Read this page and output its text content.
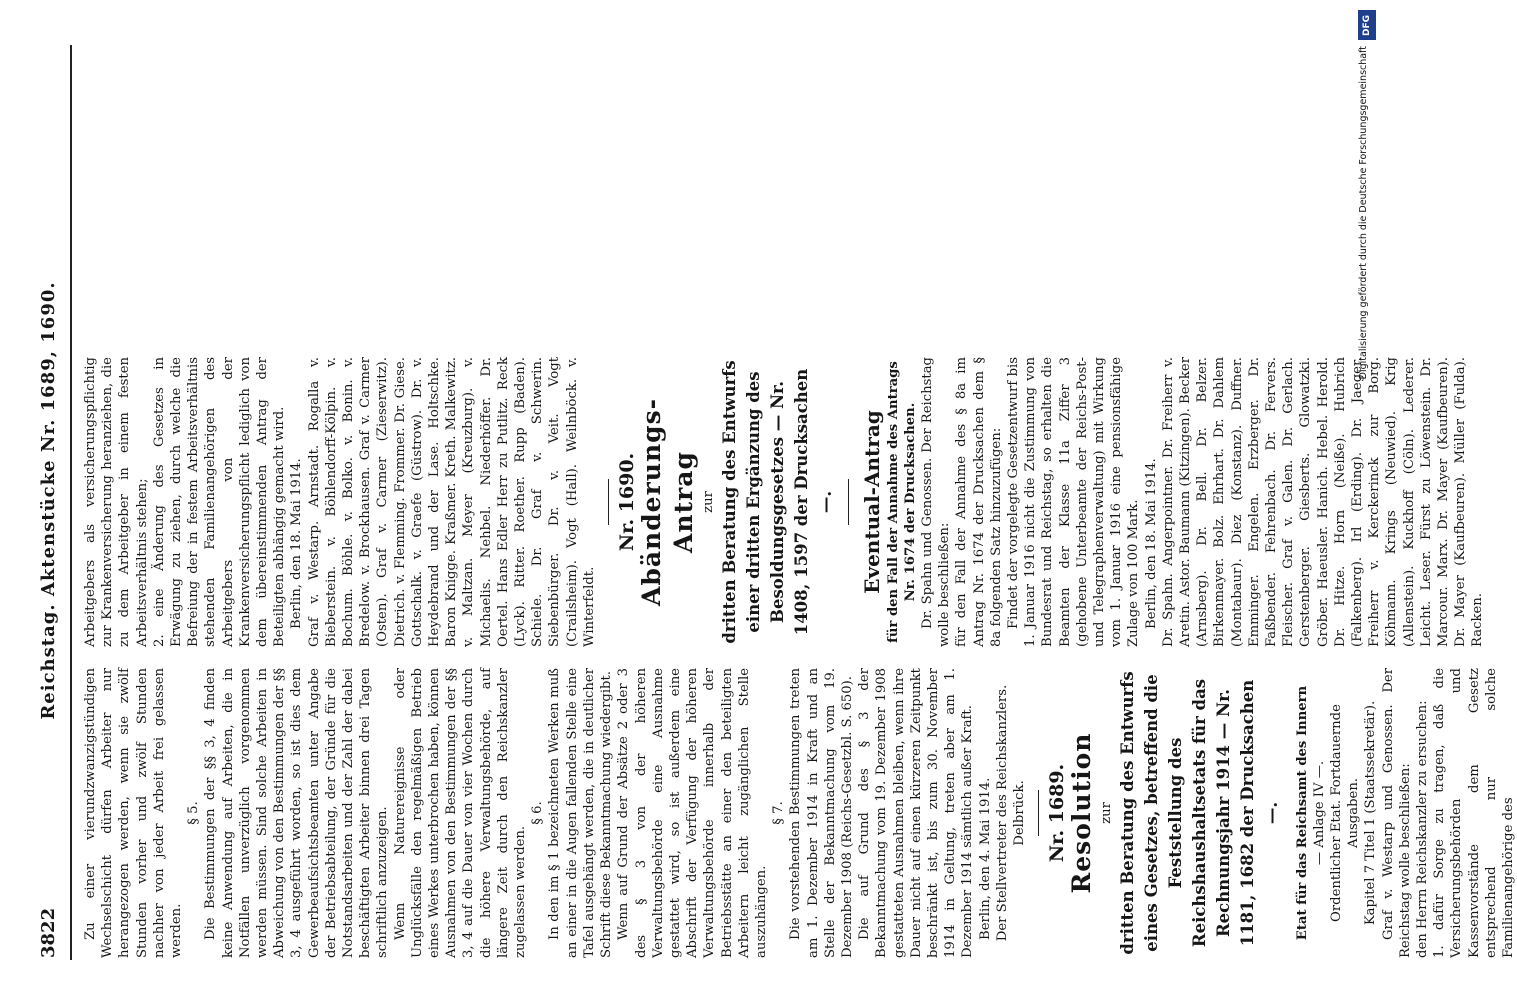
3822
Reichstag. Aktenstücke Nr. 1689, 1690.

Zu einer vierundzwanzigstündigen Wechselschicht dürfen Arbeiter nur herangezogen werden, wenn sie zwölf Stunden vorher und zwölf Stunden nachher von jeder Arbeit frei gelassen werden.

§ 5. Die Bestimmungen der §§ 3, 4 finden keine Anwendung auf Arbeiten, die in Notfällen unverzüglich vorgenommen werden müssen. Sind solche Arbeiten in Abweichung von den Bestimmungen der §§ 3, 4 ausgeführt worden, so ist dies dem Gewerbeaufsichtsbeamten unter Angabe der Betriebsabteilung, der Gründe für die Notstandsarbeiten und der Zahl der dabei beschäftigten Arbeiter binnen drei Tagen schriftlich anzuzeigen. Wenn Naturereignisse oder Unglücksfälle den regelmäßigen Betrieb eines Werkes unterbrochen haben, können Ausnahmen von den Bestimmungen der §§ 3, 4 auf die Dauer von vier Wochen durch die höhere Verwaltungsbehörde, auf längere Zeit durch den Reichskanzler zugelassen werden.

§ 6. In den im § 1 bezeichneten Werken muß an einer in die Augen fallenden Stelle eine Tafel ausgehängt werden, die in deutlicher Schrift diese Bekanntmachung wiedergibt. Wenn auf Grund der Absätze 2 oder 3 des § 3 von der höheren Verwaltungsbehörde eine Ausnahme gestattet wird, so ist außerdem eine Abschrift der Verfügung der höheren Verwaltungsbehörde innerhalb der Betriebsstätte an einer den beteiligten Arbeitern leicht zugänglichen Stelle auszuhängen.

§ 7. Die vorstehenden Bestimmungen treten am 1. Dezember 1914 in Kraft und an Stelle der Bekanntmachung vom 19. Dezember 1908 (Reichs-Gesetzbl. S. 650). Die auf Grund des § 3 der Bekanntmachung vom 19. Dezember 1908 gestatteten Ausnahmen bleiben, wenn ihre Dauer nicht auf einen kürzeren Zeitpunkt beschränkt ist, bis zum 30. November 1914 in Geltung, treten aber am 1. Dezember 1914 sämtlich außer Kraft. Berlin, den 4. Mai 1914. Der Stellvertreter des Reichskanzlers. Delbrück. Nr. 1689. Resolution zur dritten Beratung des Entwurfs eines Gesetzes, betreffend die Feststellung des Reichshaushaltsetats für das Rechnungsjahr 1914 — Nr. 1181, 1682 der Drucksachen —. Etat für das Reichsamt des Innern — Anlage IV —. Ordentlicher Etat. Fortdauernde Ausgaben. Kapitel 7 Titel 1 (Staatssekretär). Graf v. Westarp und Genossen. Der Reichstag wolle beschließen: den Herrn Reichskanzler zu ersuchen: 1. dafür Sorge zu tragen, daß die Versicherungsbehörden und Kassenvorstände dem Gesetz entsprechend nur solche Familienangehörige des

Arbeitgebers als versicherungspflichtig zur Krankenversicherung heranziehen, die zu dem Arbeitgeber in einem festen Arbeitsverhältnis stehen; 2. eine Änderung des Gesetzes in Erwägung zu ziehen, durch welche die Befreiung der in festem Arbeitsverhältnis stehenden Familienangehörigen des Arbeitgebers von der Krankenversicherungspflicht lediglich von dem übereinstimmenden Antrag der Beteiligten abhängig gemacht wird. Berlin, den 18. Mai 1914. Graf v. Westarp. Arnstadt. Rogalla v. Bieberstein. v. Böhlendorff-Kölpin. v. Bochum. Böhle. v. Bolko. v. Bonin. v. Bredelow. v. Brockhausen. Graf v. Carmer (Osten). Graf v. Carmer (Zieserwitz). Dietrich. v. Flemming. Frommer. Dr. Giese. Gottschalk. v. Graefe (Güstrow). Dr. v. Heydebrand und der Lase. Holtschke. Baron Knigge. Kraßmer. Kreth. Malkewitz. v. Maltzan. Meyer (Kreuzburg). v. Michaelis. Nehbel. Niederhöffer. Dr. Oertel. Hans Edler Herr zu Putlitz. Reck (Lyck). Ritter. Roether. Rupp (Baden). Schiele. Dr. Graf v. Schwerin. Siebenbürger. Dr. v. Veit. Vogt (Crailsheim). Vogt (Hall). Weilnböck. v. Winterfeldt.

Nr. 1690. Abänderungs-Antrag zur dritten Beratung des Entwurfs einer dritten Ergänzung des Besoldungsgesetzes — Nr. 1408, 1597 der Drucksachen —. Eventual-Antrag für den Fall der Annahme des Antrags Nr. 1674 der Drucksachen. Dr. Spahn und Genossen. Der Reichstag wolle beschließen: für den Fall der Annahme des § 8a im Antrag Nr. 1674 der Drucksachen dem § 8a folgenden Satz hinzuzufügen: Findet der vorgelegte Gesetzentwurf bis 1. Januar 1916 nicht die Zustimmung von Bundesrat und Reichstag, so erhalten die Beamten der Klasse 11a Ziffer 3 (gehobene Unterbeamte der Reichs-Post- und Telegraphenverwaltung) mit Wirkung vom 1. Januar 1916 eine pensionsfähige Zulage von 100 Mark. Berlin, den 18. Mai 1914. Dr. Spahn. Angerpointner. Dr. Freiherr v. Aretin. Astor. Baumann (Kitzingen). Becker (Arnsberg). Dr. Bell. Dr. Belzer. Birkenmayer. Bolz. Ehrhart. Dr. Dahlem (Montabaur). Diez (Konstanz). Duffner. Emminger. Engelen. Erzberger. Dr. Faßbender. Fehrenbach. Dr. Fervers. Fleischer. Graf v. Galen. Dr. Gerlach. Gerstenberger. Giesberts. Glowatzki. Gröber. Haeusler. Hanich. Hebel. Herold. Dr. Hitze. Horn (Neiße). Hubrich (Falkenberg). Irl (Erding). Dr. Jaeger. Freiherr v. Kerckerinck zur Borg. Köhmann. Krings (Neuwied). Krig (Allenstein). Kuckhoff (Cöln). Lederer. Leicht. Leser. Fürst zu Löwenstein. Dr. Marcour. Marx. Dr. Mayer (Kaufbeuren). Dr. Mayer (Kaufbeuren). Müller (Fulda). Racken.

DFG
Digitalisierung gefördert durch die Deutsche Forschungsgemeinschaft
